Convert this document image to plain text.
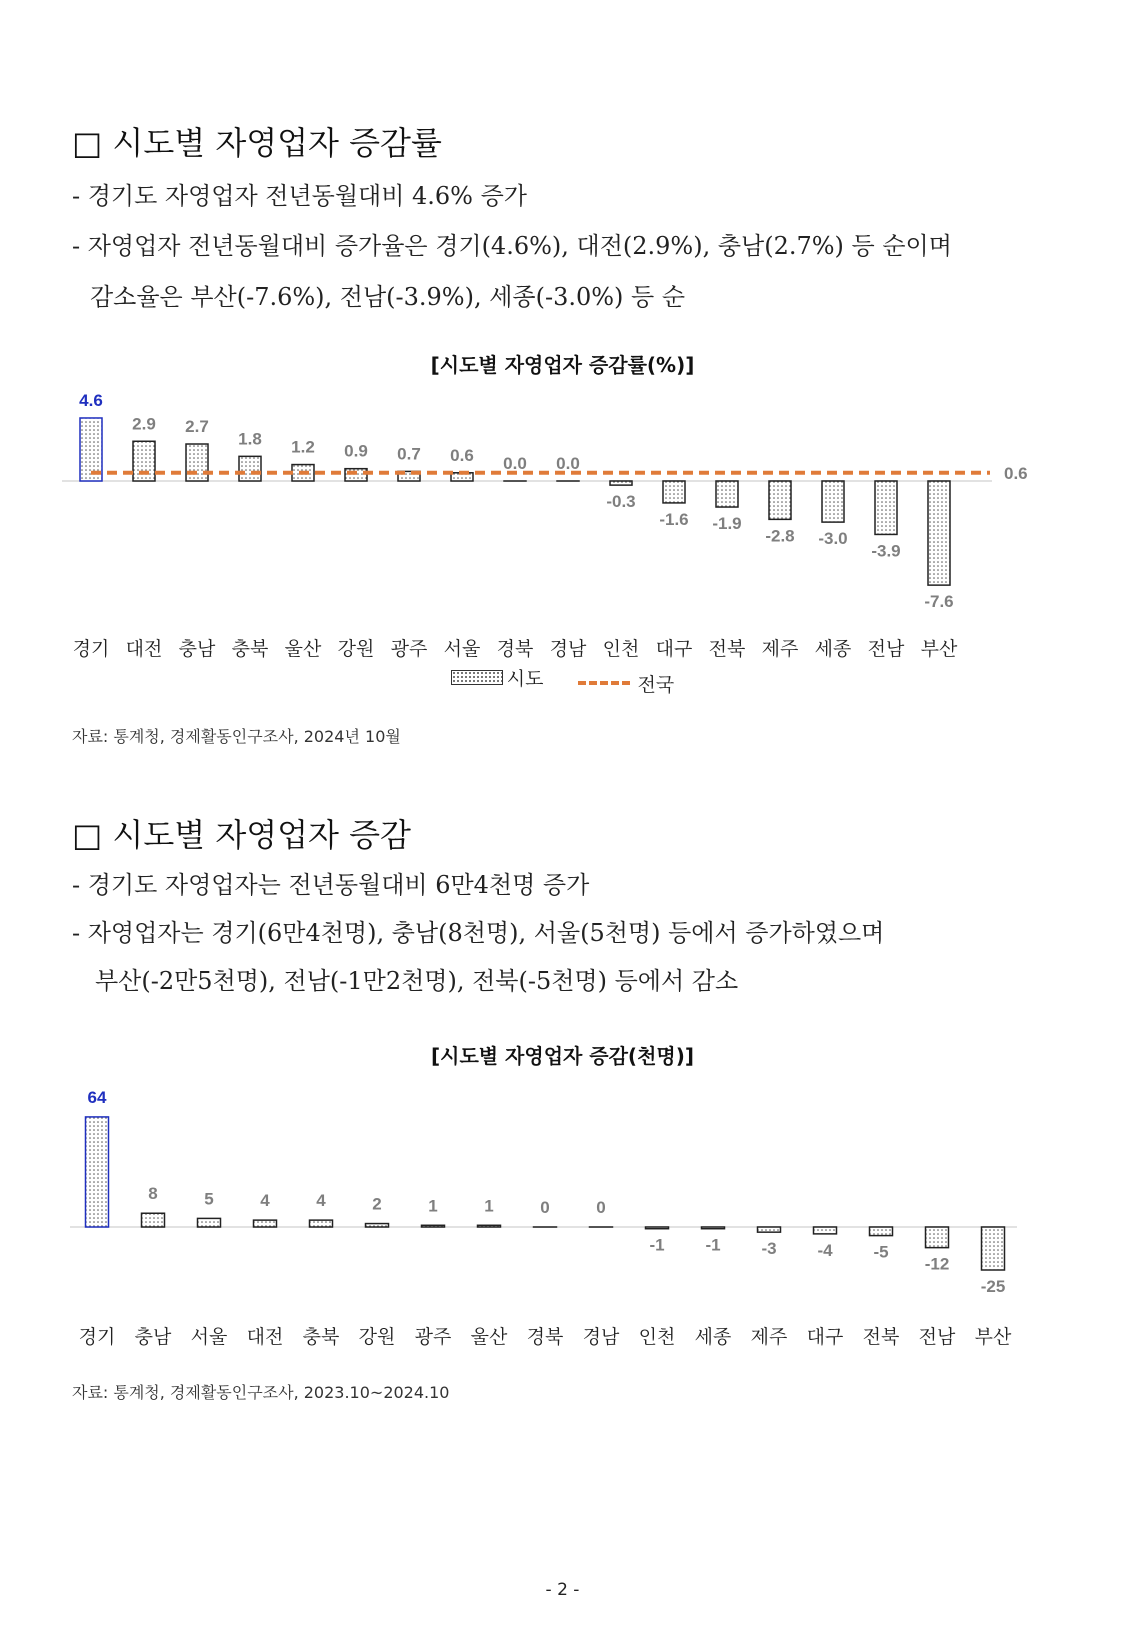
□ 시도별 자영업자 증감률
- 경기도 자영업자 전년동월대비 4.6% 증가
- 자영업자 전년동월대비 증가율은 경기(4.6%), 대전(2.9%), 충남(2.7%) 등 순이며
감소율은 부산(-7.6%), 전남(-3.9%), 세종(-3.0%) 등 순
[시도별 자영업자 증감률(%)]
4.6
경기
2.9
대전
2.7
충남
1.8
충북
1.2
울산
0.9
강원
0.7
광주
0.6
서울
0.0
경북
0.0
경남
-0.3
인천
-1.6
대구
-1.9
전북
-2.8
제주
-3.0
세종
-3.9
전남
-7.6
부산
0.6
시도
	전국
자료: 통계청, 경제활동인구조사, 2024년 10월
□ 시도별 자영업자 증감
- 경기도 자영업자는 전년동월대비 6만4천명 증가
- 자영업자는 경기(6만4천명), 충남(8천명), 서울(5천명) 등에서 증가하였으며
부산(-2만5천명), 전남(-1만2천명), 전북(-5천명) 등에서 감소
[시도별 자영업자 증감(천명)]
64
경기
8
충남
5
서울
4
대전
4
충북
2
강원
1
광주
1
울산
0
경북
0
경남
-1
인천
-1
세종
-3
제주
-4
대구
-5
전북
-12
전남
-25
부산
자료: 통계청, 경제활동인구조사, 2023.10~2024.10
- 2 -
